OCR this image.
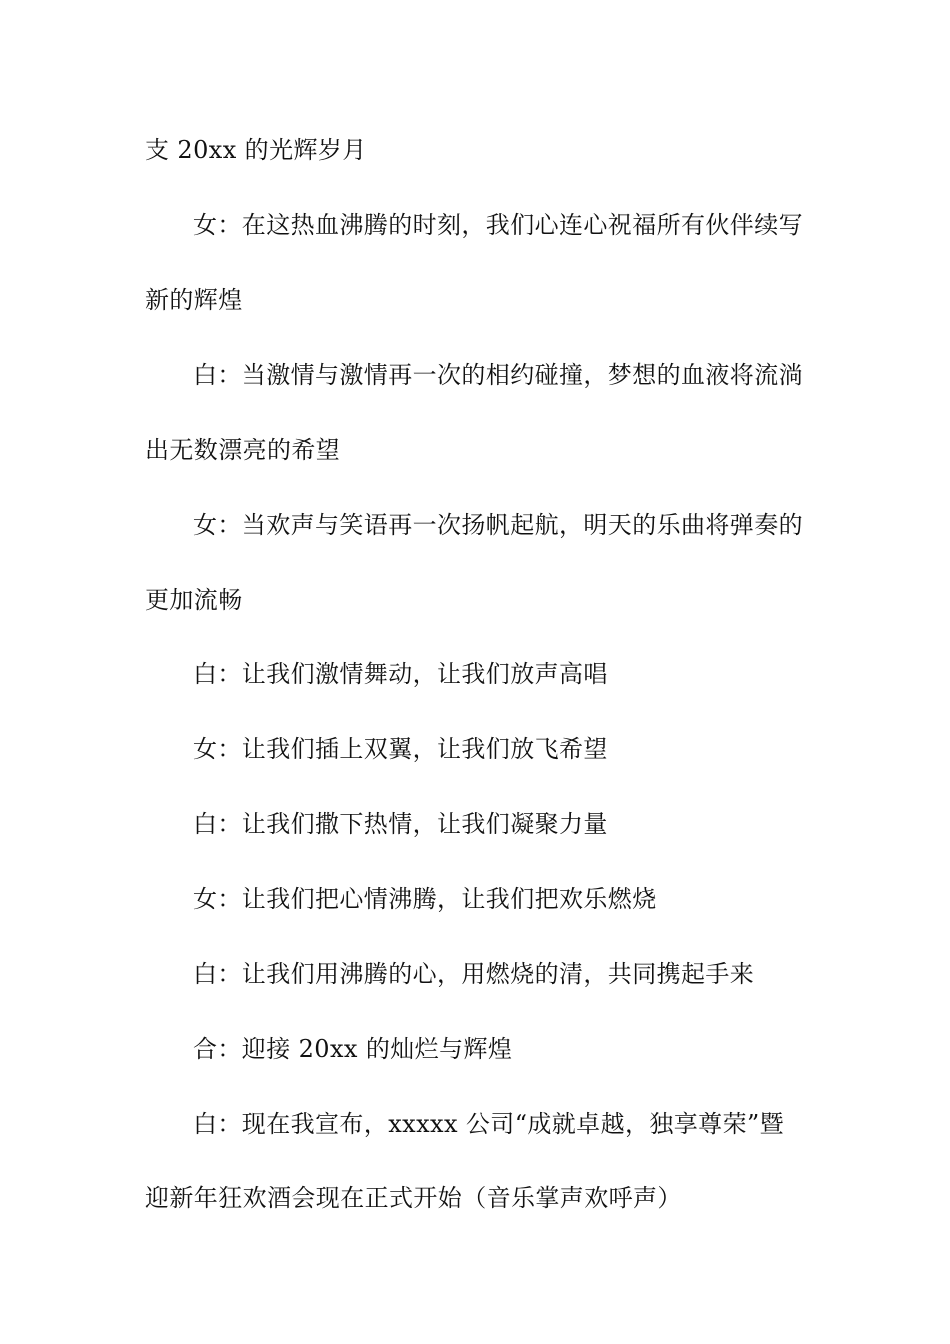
支 20xx 的光辉岁月

女：在这热血沸腾的时刻，我们心连心祝福所有伙伴续写

新的辉煌

白：当激情与激情再一次的相约碰撞，梦想的血液将流淌

出无数漂亮的希望

女：当欢声与笑语再一次扬帆起航，明天的乐曲将弹奏的

更加流畅

白：让我们激情舞动，让我们放声高唱

女：让我们插上双翼，让我们放飞希望

白：让我们撒下热情，让我们凝聚力量

女：让我们把心情沸腾，让我们把欢乐燃烧

白：让我们用沸腾的心，用燃烧的清，共同携起手来

合：迎接 20xx 的灿烂与辉煌

白：现在我宣布，xxxxx 公司“成就卓越，独享尊荣”暨

迎新年狂欢酒会现在正式开始（音乐掌声欢呼声）
